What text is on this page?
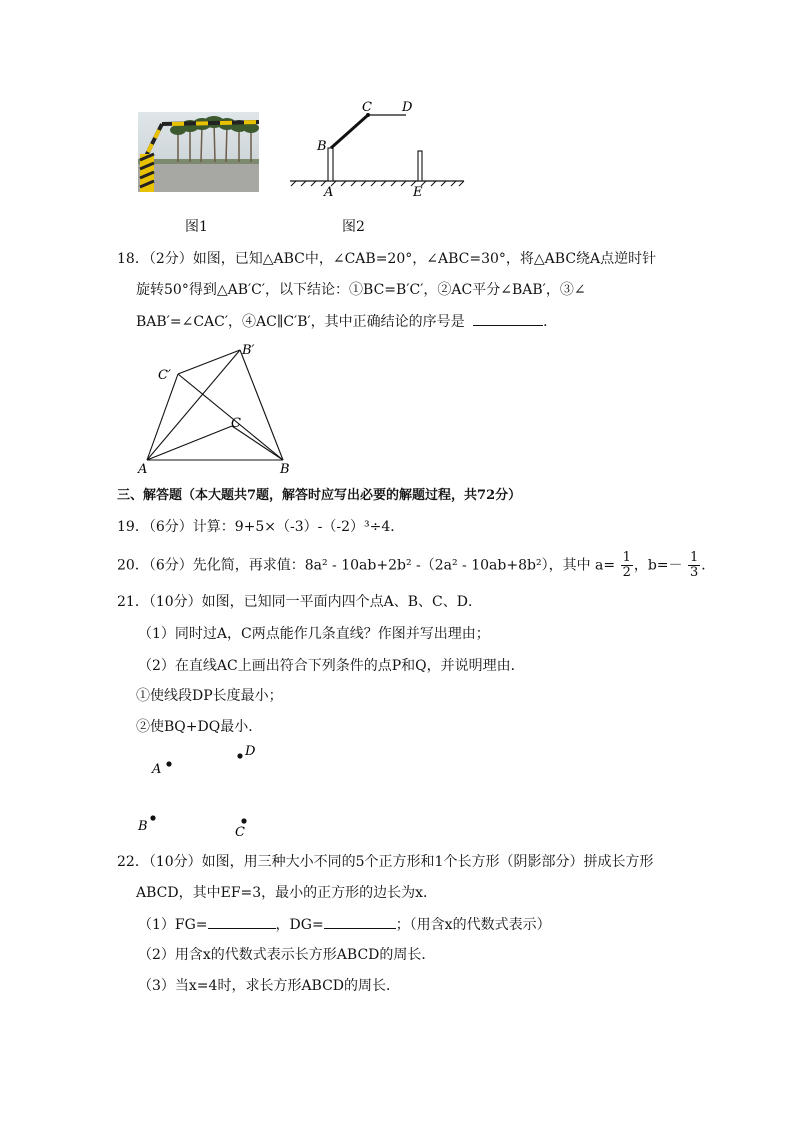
图1
C D
B
A	E
图2
18．（2分）如图，已知△ABC中，∠CAB=20°，∠ABC=30°，将△ABC绕A点逆时针
旋转50°得到△AB′C′，以下结论：①BC=B′C′，②AC平分∠BAB′，③∠
BAB′=∠CAC′，④AC∥C′B′，其中正确结论的序号是	．
B′
C′
C
A	B
三、解答题（本大题共7题，解答时应写出必要的解题过程，共72分）
19．（6分）计算：9+5×（-3）-（-2）³÷4．
20．（6分）先化简，再求值：8a² - 10ab+2b² -（2a² - 10ab+8b²），其中 $a= \frac{1}{2}$ ，$b=- \frac{1}{3}$ ．
21．（10分）如图，已知同一平面内四个点A、B、C、D．
（1）同时过A，C两点能作几条直线？作图并写出理由；
（2）在直线AC上画出符合下列条件的点P和Q，并说明理由．
①使线段DP长度最小；
②使BQ+DQ最小．
A
D
B	C
22．（10分）如图，用三种大小不同的5个正方形和1个长方形（阴影部分）拼成长方形
ABCD，其中EF=3，最小的正方形的边长为x．
（1）FG=	，DG=	；（用含x的代数式表示）
（2）用含x的代数式表示长方形ABCD的周长．
（3）当x=4时，求长方形ABCD的周长．
